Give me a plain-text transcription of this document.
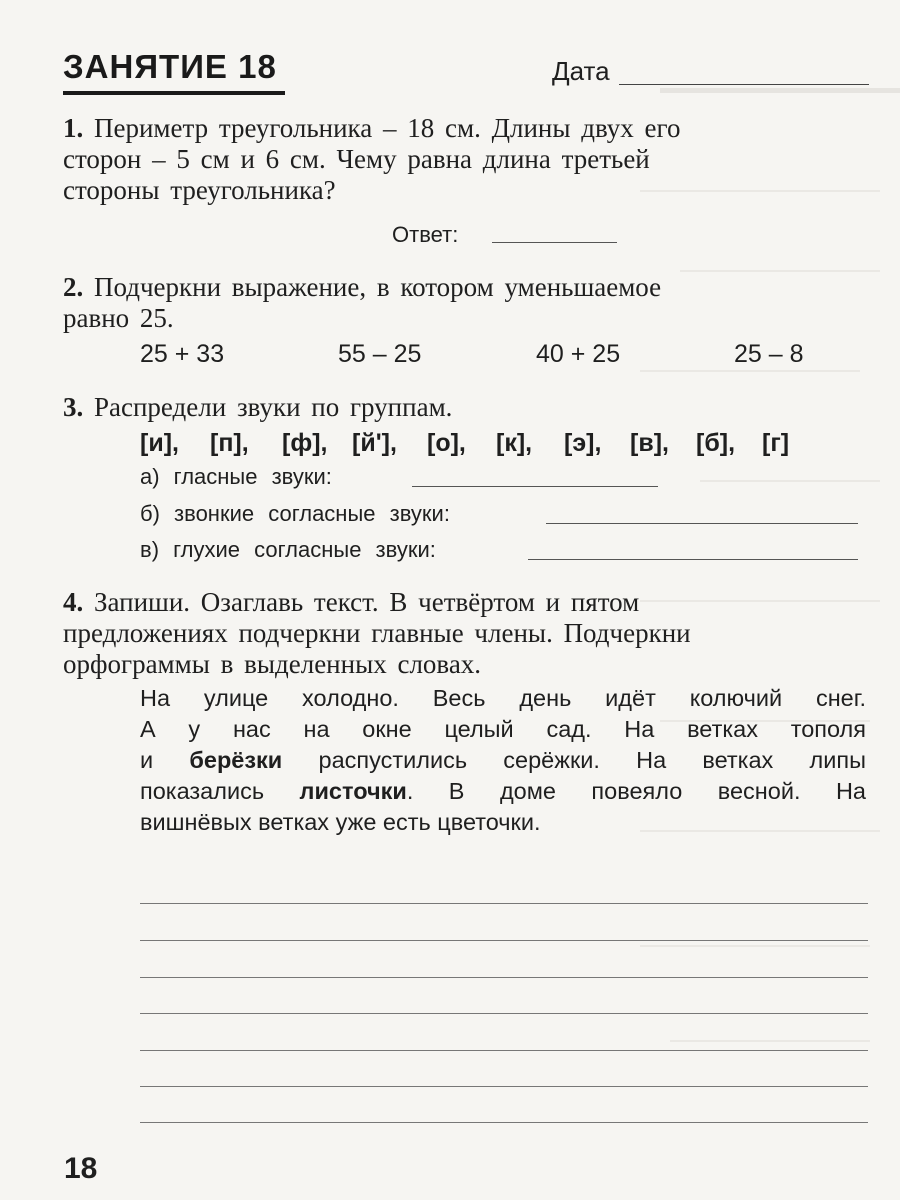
ЗАНЯТИЕ 18	Дата
1. Периметр треугольника – 18 см. Длины двух его
сторон – 5 см и 6 см. Чему равна длина третьей
стороны треугольника?
Ответ:
2. Подчеркни выражение, в котором уменьшаемое
равно 25.
25 + 33	55 – 25	40 + 25	25 – 8
3. Распредели звуки по группам.
[и], [п], [ф], [й'], [о], [к], [э], [в], [б], [г]
а) гласные звуки:
б) звонкие согласные звуки:
в) глухие согласные звуки:
4. Запиши. Озаглавь текст. В четвёртом и пятом
предложениях подчеркни главные члены. Подчеркни
орфограммы в выделенных словах.
На улице холодно. Весь день идёт колючий снег.
А у нас на окне целый сад. На ветках тополя
и берёзки распустились серёжки. На ветках липы
показались листочки. В доме повеяло весной. На
вишнёвых ветках уже есть цветочки.
18
